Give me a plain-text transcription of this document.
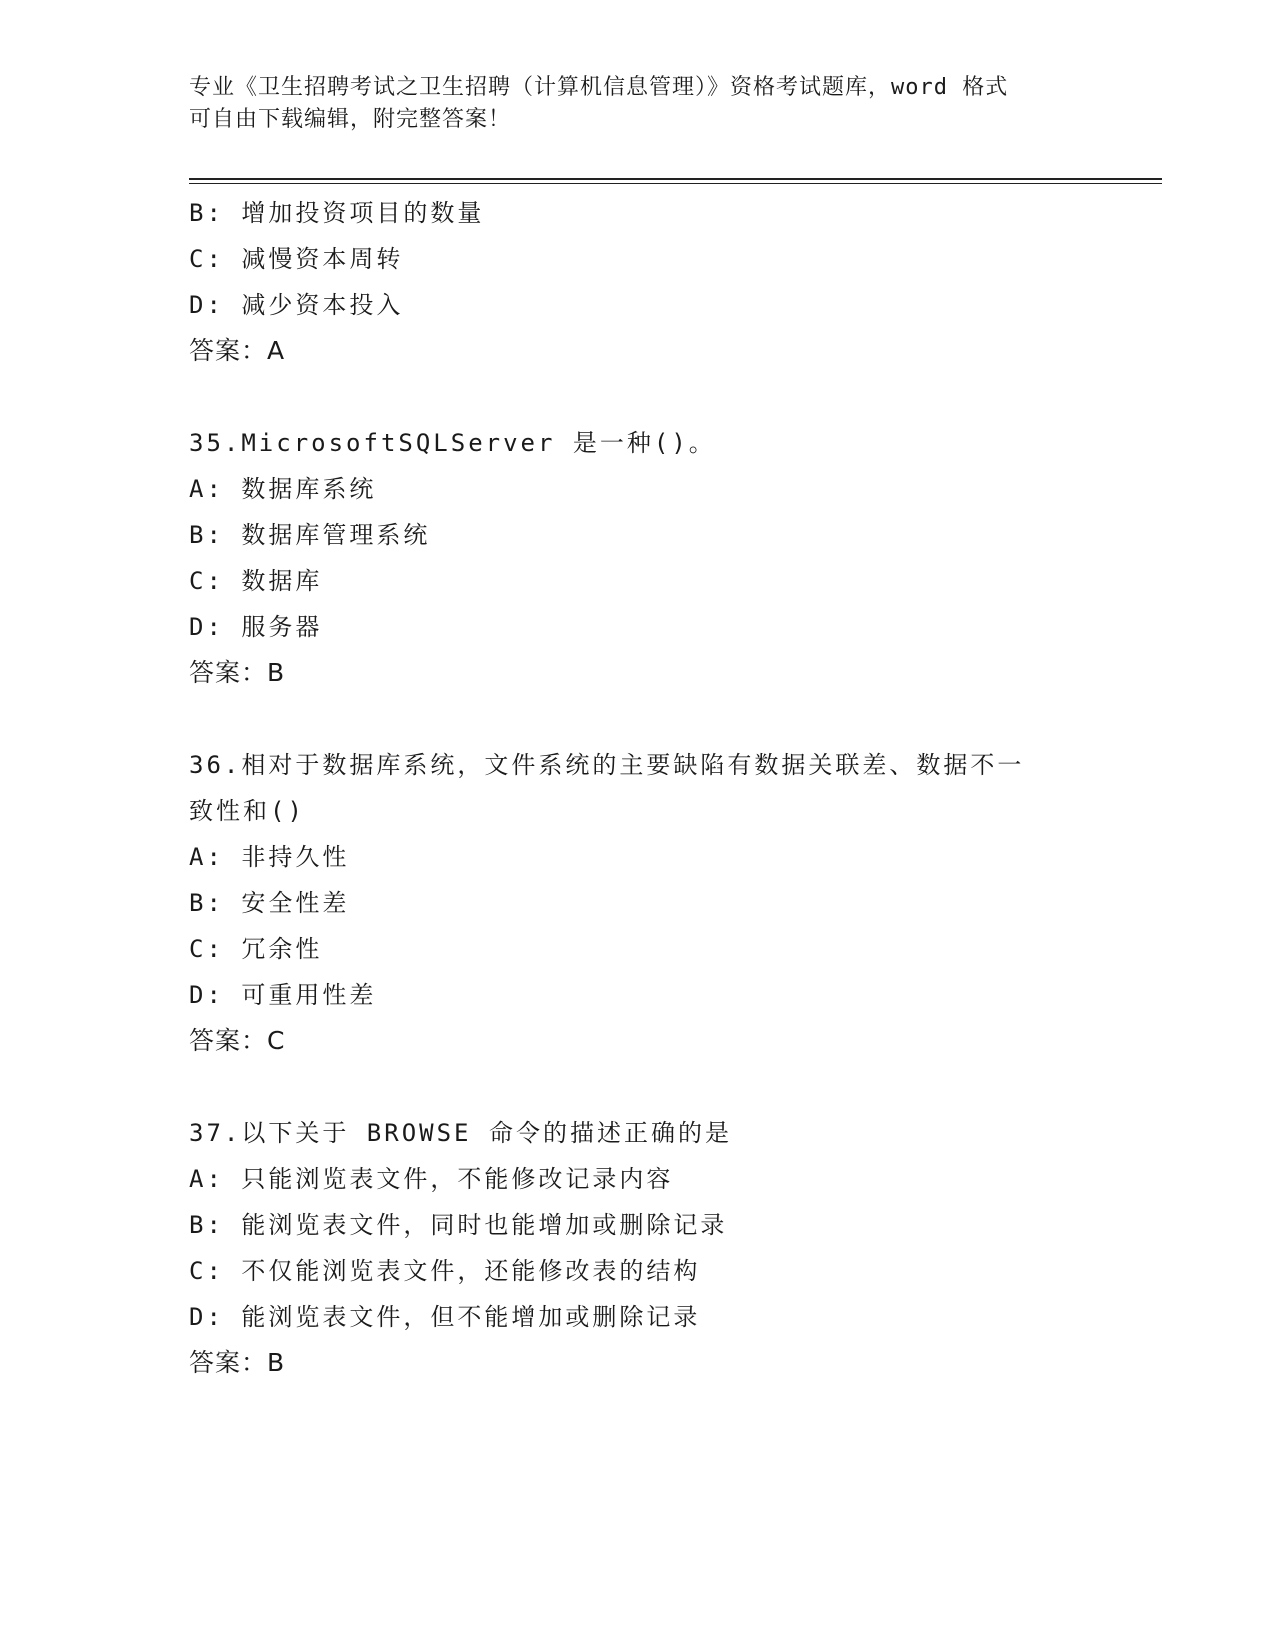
专业《卫生招聘考试之卫生招聘（计算机信息管理）》资格考试题库，word 格式
可自由下载编辑，附完整答案！
B: 增加投资项目的数量
C: 减慢资本周转
D: 减少资本投入
答案：A
35.MicrosoftSQLServer 是一种()。
A: 数据库系统
B: 数据库管理系统
C: 数据库
D: 服务器
答案：B
36.相对于数据库系统，文件系统的主要缺陷有数据关联差、数据不一
致性和()
A: 非持久性
B: 安全性差
C: 冗余性
D: 可重用性差
答案：C
37.以下关于 BROWSE 命令的描述正确的是
A: 只能浏览表文件，不能修改记录内容
B: 能浏览表文件，同时也能增加或删除记录
C: 不仅能浏览表文件，还能修改表的结构
D: 能浏览表文件，但不能增加或删除记录
答案：B
